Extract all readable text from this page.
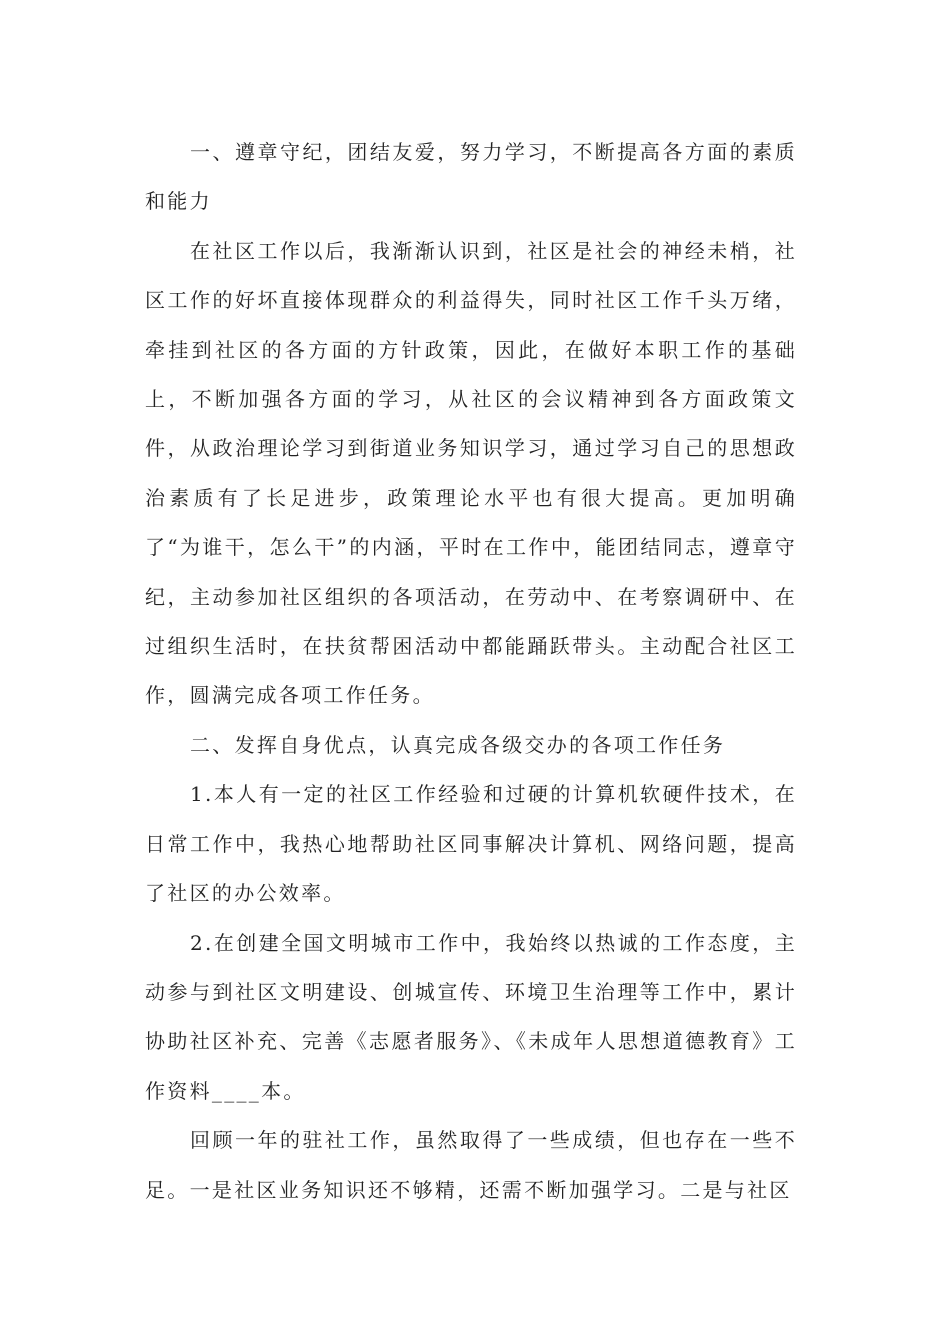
一、遵章守纪，团结友爱，努力学习，不断提高各方面的素质和能力

在社区工作以后，我渐渐认识到，社区是社会的神经未梢，社区工作的好坏直接体现群众的利益得失，同时社区工作千头万绪，牵挂到社区的各方面的方针政策，因此，在做好本职工作的基础上，不断加强各方面的学习，从社区的会议精神到各方面政策文件，从政治理论学习到街道业务知识学习，通过学习自己的思想政治素质有了长足进步，政策理论水平也有很大提高。更加明确了“为谁干，怎么干”的内涵，平时在工作中，能团结同志，遵章守纪，主动参加社区组织的各项活动，在劳动中、在考察调研中、在过组织生活时，在扶贫帮困活动中都能踊跃带头。主动配合社区工作，圆满完成各项工作任务。

二、发挥自身优点，认真完成各级交办的各项工作任务

1.本人有一定的社区工作经验和过硬的计算机软硬件技术，在日常工作中，我热心地帮助社区同事解决计算机、网络问题，提高了社区的办公效率。

2.在创建全国文明城市工作中，我始终以热诚的工作态度，主动参与到社区文明建设、创城宣传、环境卫生治理等工作中，累计协助社区补充、完善《志愿者服务》、《未成年人思想道德教育》工作资料____本。

回顾一年的驻社工作，虽然取得了一些成绩，但也存在一些不足。一是社区业务知识还不够精，还需不断加强学习。二是与社区
